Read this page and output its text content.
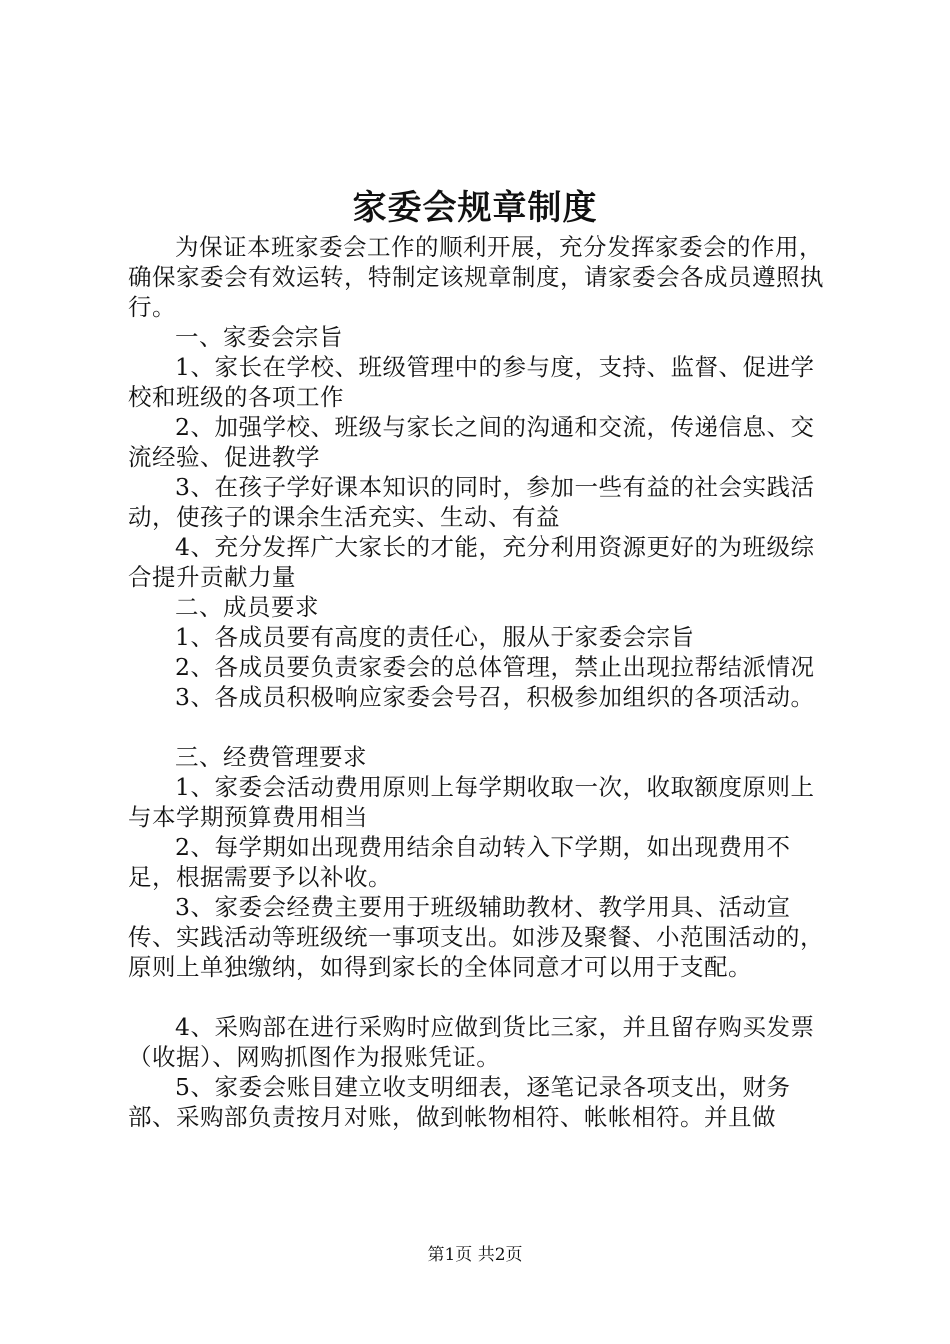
家委会规章制度

为保证本班家委会工作的顺利开展，充分发挥家委会的作用，确保家委会有效运转，特制定该规章制度，请家委会各成员遵照执行。

一、家委会宗旨

1、家长在学校、班级管理中的参与度，支持、监督、促进学校和班级的各项工作

2、加强学校、班级与家长之间的沟通和交流，传递信息、交流经验、促进教学

3、在孩子学好课本知识的同时，参加一些有益的社会实践活动，使孩子的课余生活充实、生动、有益

4、充分发挥广大家长的才能，充分利用资源更好的为班级综合提升贡献力量

二、成员要求

1、各成员要有高度的责任心，服从于家委会宗旨

2、各成员要负责家委会的总体管理，禁止出现拉帮结派情况

3、各成员积极响应家委会号召，积极参加组织的各项活动。

三、经费管理要求

1、家委会活动费用原则上每学期收取一次，收取额度原则上与本学期预算费用相当

2、每学期如出现费用结余自动转入下学期，如出现费用不足，根据需要予以补收。

3、家委会经费主要用于班级辅助教材、教学用具、活动宣传、实践活动等班级统一事项支出。如涉及聚餐、小范围活动的，原则上单独缴纳，如得到家长的全体同意才可以用于支配。

4、采购部在进行采购时应做到货比三家，并且留存购买发票（收据）、网购抓图作为报账凭证。

5、家委会账目建立收支明细表，逐笔记录各项支出，财务部、采购部负责按月对账，做到帐物相符、帐帐相符。并且做

第1页 共2页
